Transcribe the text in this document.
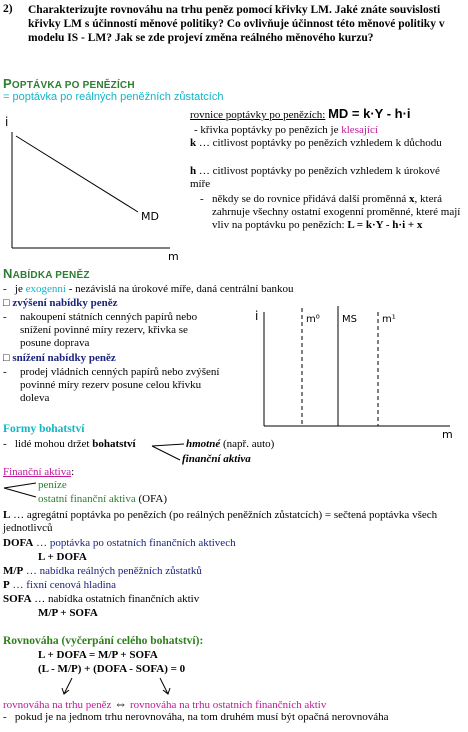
2) Charakterizujte rovnováhu na trhu peněz pomocí křivky LM. Jaké znáte souvislosti křivky LM s účinností měnové politiky? Co ovlivňuje účinnost této měnové politiky v modelu IS - LM? Jak se zde projeví změna reálného měnového kurzu?
POPTÁVKA PO PENĚZÍCH
= poptávka po reálných peněžních zůstatcích
i
MD
m
rovnice poptávky po penězích: MD = k·Y - h·i
- křivka poptávky po penězích je klesající
k … citlivost poptávky po penězích vzhledem k důchodu
h … citlivost poptávky po penězích vzhledem k úrokové míře
- někdy se do rovnice přidává další proměnná x, která zahrnuje všechny ostatní exogenní proměnné, které mají vliv na poptávku po penězích: L = k·Y - h·i + x
NABÍDKA PENĚZ
-   je exogenní - nezávislá na úrokové míře, daná centrální bankou
□ zvýšení nabídky peněz
- nakoupení státních cenných papírů nebo snížení povinné míry rezerv, křivka se posune doprava
□ snížení nabídky peněz
- prodej vládních cenných papírů nebo zvýšení povinné míry rezerv posune celou křivku doleva
i	m⁰ MS	m¹
m
Formy bohatství
-   lidé mohou držet bohatství	hmotné (např. auto)
finanční aktiva
Finanční aktiva:
peníze
ostatní finanční aktiva (OFA)
L … agregátní poptávka po penězích (po reálných peněžních zůstatcích) = sečtená poptávka všech jednotlivců
DOFA … poptávka po ostatních finančních aktivech
L + DOFA
M/P … nabídka reálných peněžních zůstatků
P … fixní cenová hladina
SOFA … nabídka ostatních finančních aktiv
M/P + SOFA
Rovnováha (vyčerpání celého bohatství):
L + DOFA = M/P + SOFA
(L - M/P) + (DOFA - SOFA) = 0
rovnováha na trhu peněz ⇔ rovnováha na trhu ostatních finančních aktiv
-   pokud je na jednom trhu nerovnováha, na tom druhém musí být opačná nerovnováha
